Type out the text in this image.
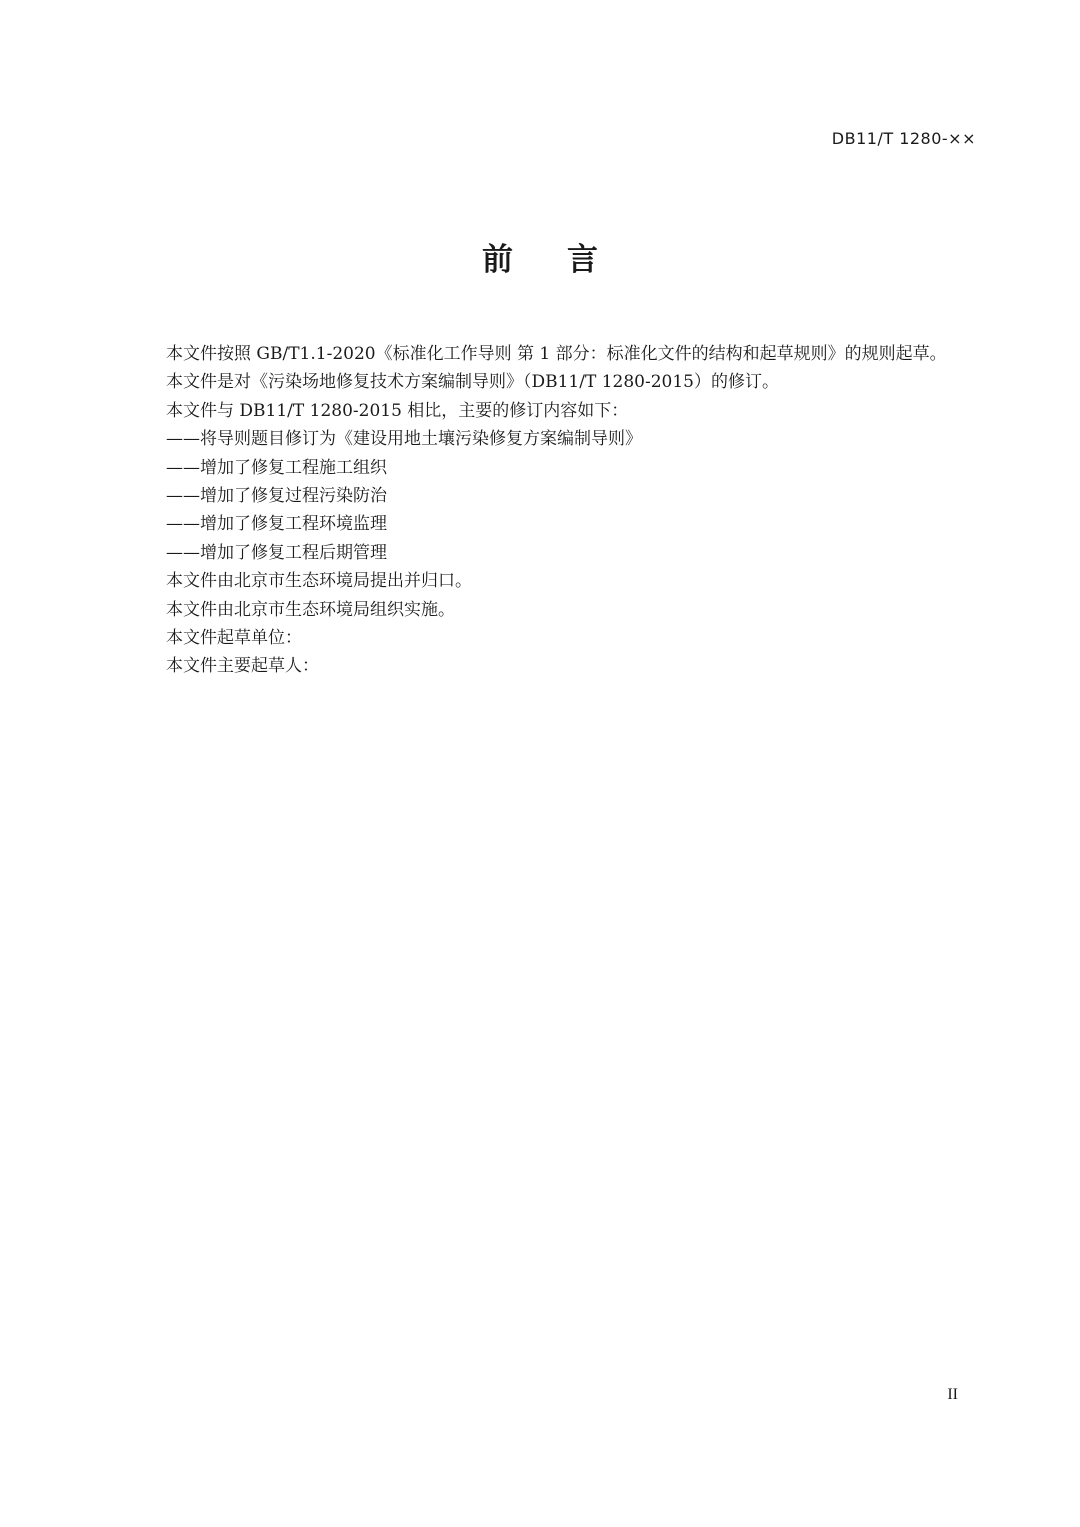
DB11/T 1280-××
前言

本文件按照 GB/T1.1-2020《标准化工作导则 第 1 部分：标准化文件的结构和起草规则》的规则起草。

本文件是对《污染场地修复技术方案编制导则》（DB11/T 1280-2015）的修订。

本文件与 DB11/T 1280-2015 相比，主要的修订内容如下：

——将导则题目修订为《建设用地土壤污染修复方案编制导则》

——增加了修复工程施工组织

——增加了修复过程污染防治

——增加了修复工程环境监理

——增加了修复工程后期管理

本文件由北京市生态环境局提出并归口。

本文件由北京市生态环境局组织实施。

本文件起草单位：

本文件主要起草人：

II
